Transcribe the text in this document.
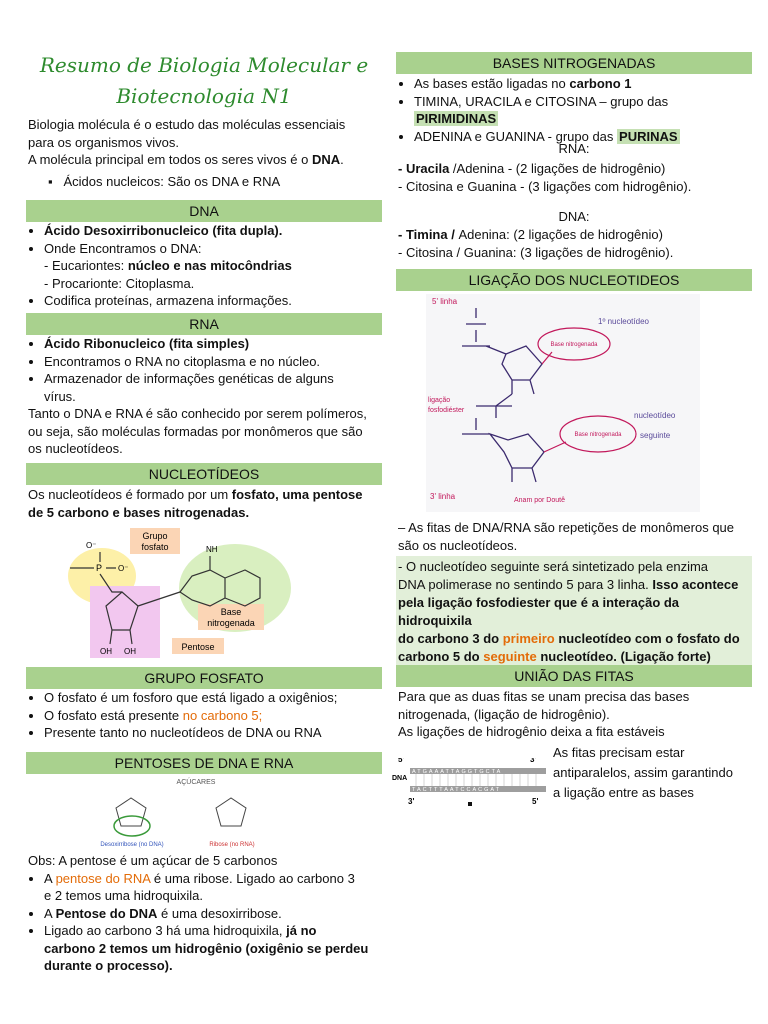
Resumo de Biologia Molecular e
Biotecnologia N1
Biologia molécula é o estudo das moléculas essenciais
para os organismos vivos.
A molécula principal em todos os seres vivos é o DNA.
▪   Ácidos nucleicos: São os DNA e RNA
DNA
• Ácido Desoxirribonucleico (fita dupla).
• Onde Encontramos o DNA:
- Eucariontes: núcleo e nas mitocôndrias
- Procarionte: Citoplasma.
• Codifica proteínas, armazena informações.
RNA
• Ácido Ribonucleico (fita simples)
• Encontramos o RNA no citoplasma e no núcleo.
• Armazenador de informações genéticas de alguns
vírus.
Tanto o DNA e RNA é são conhecido por serem polímeros,
ou seja, são moléculas formadas por monômeros que são
os nucleotídeos.
NUCLEOTÍDEOS
Os nucleotídeos é formado por um fosfato, uma pentose
de 5 carbono e bases nitrogenadas.
Grupo
fosfato
Base
nitrogenada
Pentose
O⁻
P O⁻
NH
OH
OH
GRUPO FOSFATO
• O fosfato é um fosforo que está ligado a oxigênios;
• O fosfato está presente no carbono 5;
• Presente tanto no nucleotídeos de DNA ou RNA
PENTOSES DE DNA E RNA
AÇÚCARES
Desoxirribose (no DNA)	Ribose (no RNA)
Obs: A pentose é um açúcar de 5 carbonos
• A pentose do RNA é uma ribose. Ligado ao carbono 3
e 2 temos uma hidroquixila.
• A Pentose do DNA é uma desoxirribose.
• Ligado ao carbono 3 há uma hidroquixila, já no
carbono 2 temos um hidrogênio (oxigênio se perdeu
durante o processo).
BASES NITROGENADAS
• As bases estão ligadas no carbono 1
• TIMINA, URACILA e CITOSINA – grupo das PIRIMIDINAS
• ADENINA e GUANINA - grupo das PURINAS
RNA:
- Uracila /Adenina - (2 ligações de hidrogênio)
- Citosina e Guanina - (3 ligações com hidrogênio).
DNA:
- Timina / Adenina: (2 ligações de hidrogênio)
- Citosina / Guanina: (3 ligações de hidrogênio).
LIGAÇÃO DOS NUCLEOTIDEOS
5' linha
3' linha
1º nucleotídeo
nucleotídeo
seguinte
Base nitrogenada
Base nitrogenada
ligação
fosfodiéster
Anam por Doutê
– As fitas de DNA/RNA são repetições de monômeros que
são os nucleotídeos.
- O nucleotídeo seguinte será sintetizado pela enzima
DNA polimerase no sentindo 5 para 3 linha. Isso acontece
pela ligação fosfodiester que é a interação da hidroquixila
do carbono 3 do primeiro nucleotídeo com o fosfato do
carbono 5 do seguinte nucleotídeo. (Ligação forte)
UNIÃO DAS FITAS
Para que as duas fitas se unam precisa das bases
nitrogenada, (ligação de hidrogênio).
As ligações de hidrogênio deixa a fita estáveis
5'	3'
DNA
ATGAAATTAGGTGCTA
TACTTTAATCCACGAT
3'	5'
As fitas precisam estar
antiparalelos, assim garantindo
a ligação entre as bases
